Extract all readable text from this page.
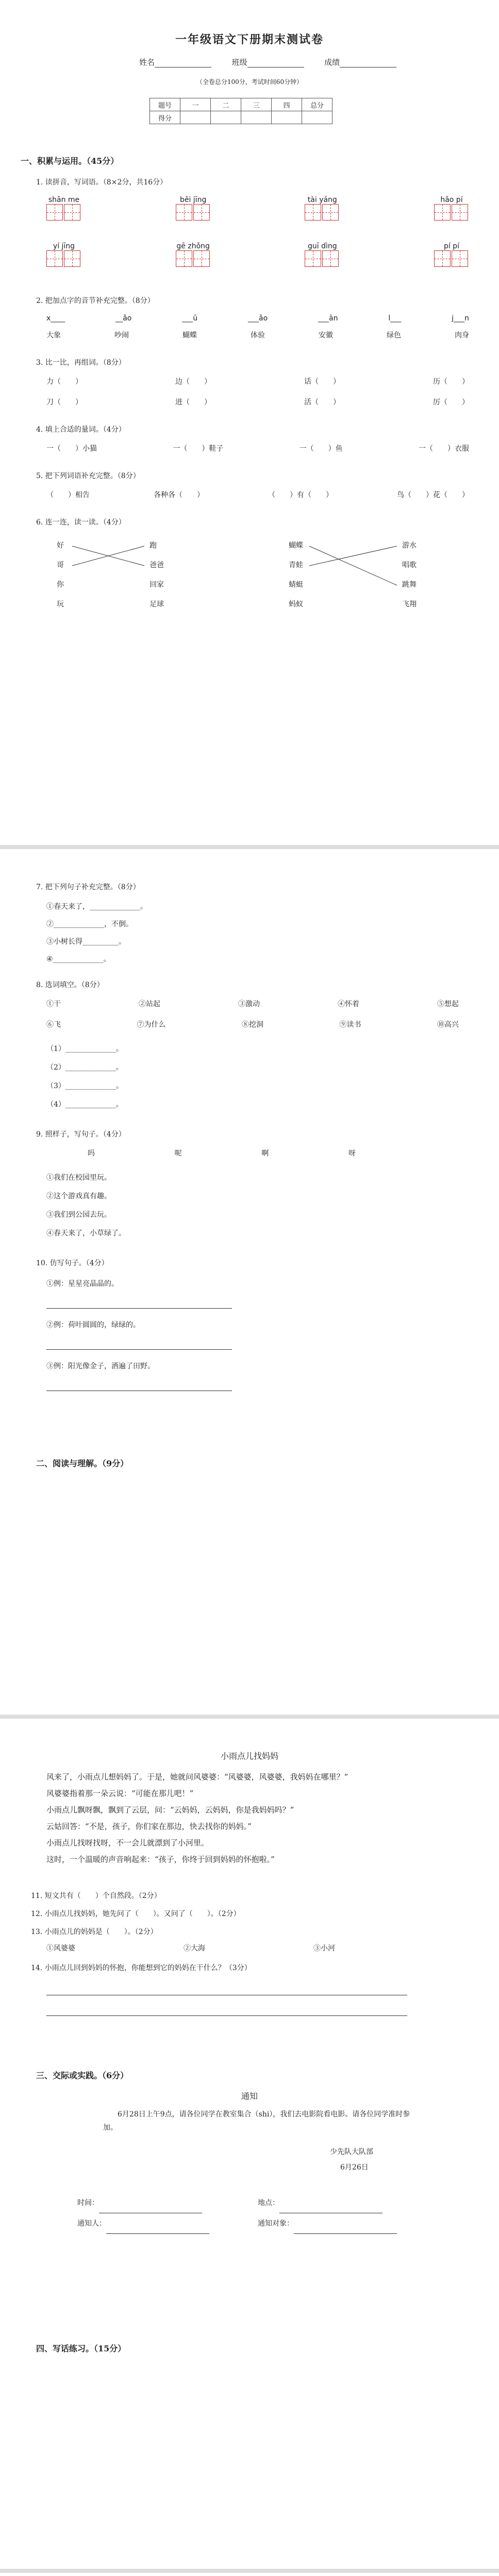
一年级语文下册期末测试卷
姓名	班级	成绩
（全卷总分100分，考试时间60分钟）
题号	一	二	三	四	总分
得分					
一、积累与运用。（45分）
1. 读拼音，写词语。（8×2分，共16分）
shān me	běi jīng	tài yáng	hǎo pí
yí jīng	gē zhǒng	guī dìng	pí pí
2. 把加点字的音节补充完整。（8分）
x____	__ǎo	___ū	___ǎo	___ān	l___	j___n
大象	吵闹	蝴蝶	体验	安徽	绿色	肉身
3. 比一比，再组词。（8分）
力（　　）	边（　　）	话（　　）	历（　　）
刀（　　）	进（　　）	活（　　）	厉（　　）
4. 填上合适的量词。（4分）
一（　　）小猫	一（　　）鞋子	一（　　）鱼	一（　　）衣服
5. 把下列词语补充完整。（8分）
（　　）相告	各种各（　　）	（　　）有（　　）	鸟（　　）花（　　）
6. 连一连，读一读。（4分）
好
哥
你
玩
跑
爸爸
回家
足球
蝴蝶
青蛙
蜻蜓
蚂蚁
游水
唱歌
跳舞
飞翔
7. 把下列句子补充完整。（8分）
①春天来了，______________。
②______________，不倒。
③小树长得__________。
④______________。
8. 选词填空。（8分）
①干	②站起	③激动	④怀着	⑤想起
⑥飞	⑦为什么	⑧挖洞	⑨读书	⑩高兴
（1）______________。
（2）______________。
（3）______________。
（4）______________。
9. 照样子，写句子。（4分）
吗	呢	啊	呀
①我们在校园里玩。
②这个游戏真有趣。
③我们到公园去玩。
④春天来了，小草绿了。
10. 仿写句子。（4分）
①例：星星亮晶晶的。
②例：荷叶圆圆的，绿绿的。
③例：阳光像金子，洒遍了田野。
二、阅读与理解。（9分）
小雨点儿找妈妈

风来了，小雨点儿想妈妈了。于是，她就问风婆婆：“风婆婆，风婆婆，我妈妈在哪里？”

风婆婆指着那一朵云说：“可能在那儿吧！”

小雨点儿飘呀飘，飘到了云层，问：“云妈妈，云妈妈，你是我妈妈吗？”

云姑回答：“不是，孩子，你们家在那边，快去找你的妈妈。”

小雨点儿找呀找呀，不一会儿就漂到了小河里。

这时，一个温暖的声音响起来：“孩子，你终于回到妈妈的怀抱啦。”

11. 短文共有（　　）个自然段。（2分）
12. 小雨点儿找妈妈，她先问了（　　）。又问了（　　）。（2分）
13. 小雨点儿的妈妈是（　　）。（2分）
①风婆婆	②大海	③小河
14. 小雨点儿回到妈妈的怀抱，你能想到它的妈妈在干什么？（3分）
三、交际或实践。（6分）
通知
6月28日上午9点，请各位同学在教室集合（shi），我们去电影院看电影。请各位同学准时参加。
少先队大队部
6月26日
时间：	地点：
通知人：	通知对象：
四、写话练习。（15分）
